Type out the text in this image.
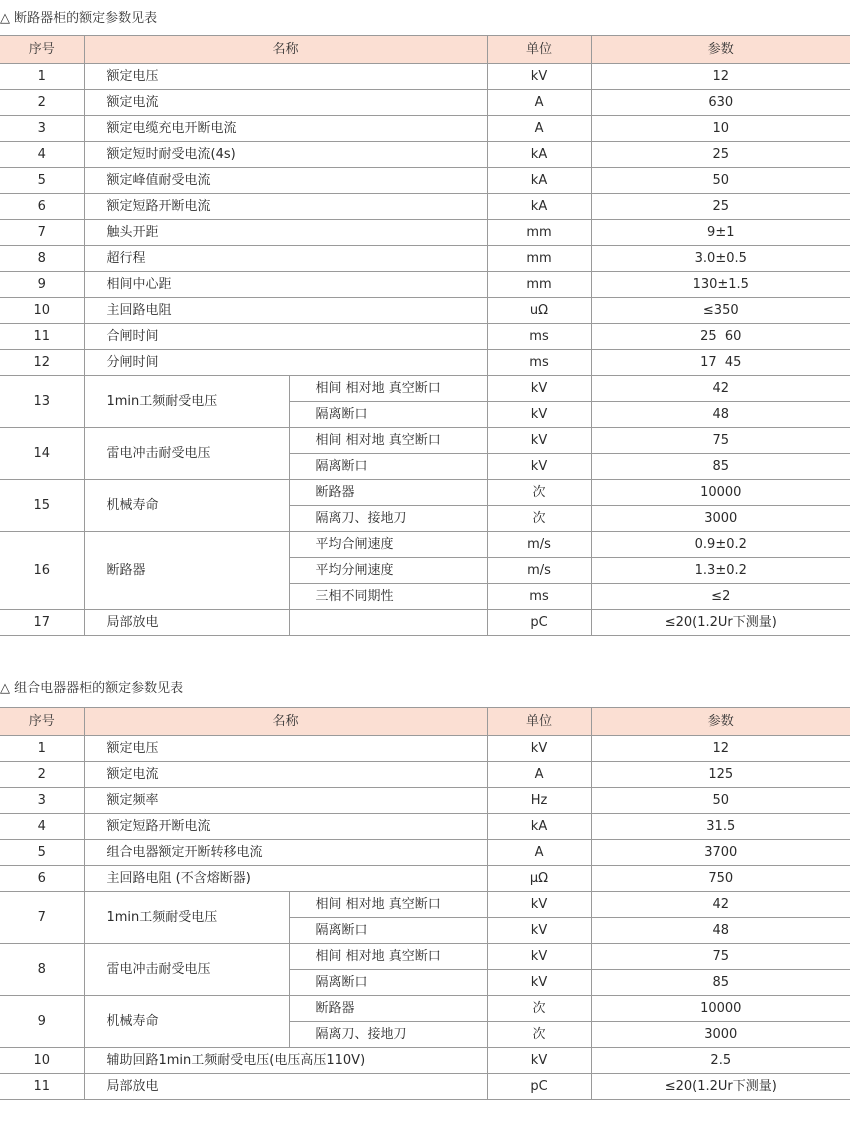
△ 断路器柜的额定参数见表
序号	名称		单位	参数
1	额定电压		kV	12
2	额定电流		A	630
3	额定电缆充电开断电流		A	10
4	额定短时耐受电流(4s)		kA	25
5	额定峰值耐受电流		kA	50
6	额定短路开断电流		kA	25
7	触头开距		mm	9±1
8	超行程		mm	3.0±0.5
9	相间中心距		mm	130±1.5
10	主回路电阻		uΩ	≤350
11	合闸时间		ms	25  60
12	分闸时间		ms	17  45
13	1min工频耐受电压	相间 相对地 真空断口	kV	42
		隔离断口	kV	48
14	雷电冲击耐受电压	相间 相对地 真空断口	kV	75
		隔离断口	kV	85
15	机械寿命	断路器	次	10000
		隔离刀、接地刀	次	3000
16	断路器	平均合闸速度	m/s	0.9±0.2
		平均分闸速度	m/s	1.3±0.2
		三相不同期性	ms	≤2
17	局部放电		pC	≤20(1.2Ur下测量)
△ 组合电器器柜的额定参数见表
序号	名称		单位	参数
1	额定电压		kV	12
2	额定电流		A	125
3	额定频率		Hz	50
4	额定短路开断电流		kA	31.5
5	组合电器额定开断转移电流		A	3700
6	主回路电阻 (不含熔断器)		μΩ	750
7	1min工频耐受电压	相间 相对地 真空断口	kV	42
		隔离断口	kV	48
8	雷电冲击耐受电压	相间 相对地 真空断口	kV	75
		隔离断口	kV	85
9	机械寿命	断路器	次	10000
		隔离刀、接地刀	次	3000
10	辅助回路1min工频耐受电压(电压高压110V)		kV	2.5
11	局部放电		pC	≤20(1.2Ur下测量)
